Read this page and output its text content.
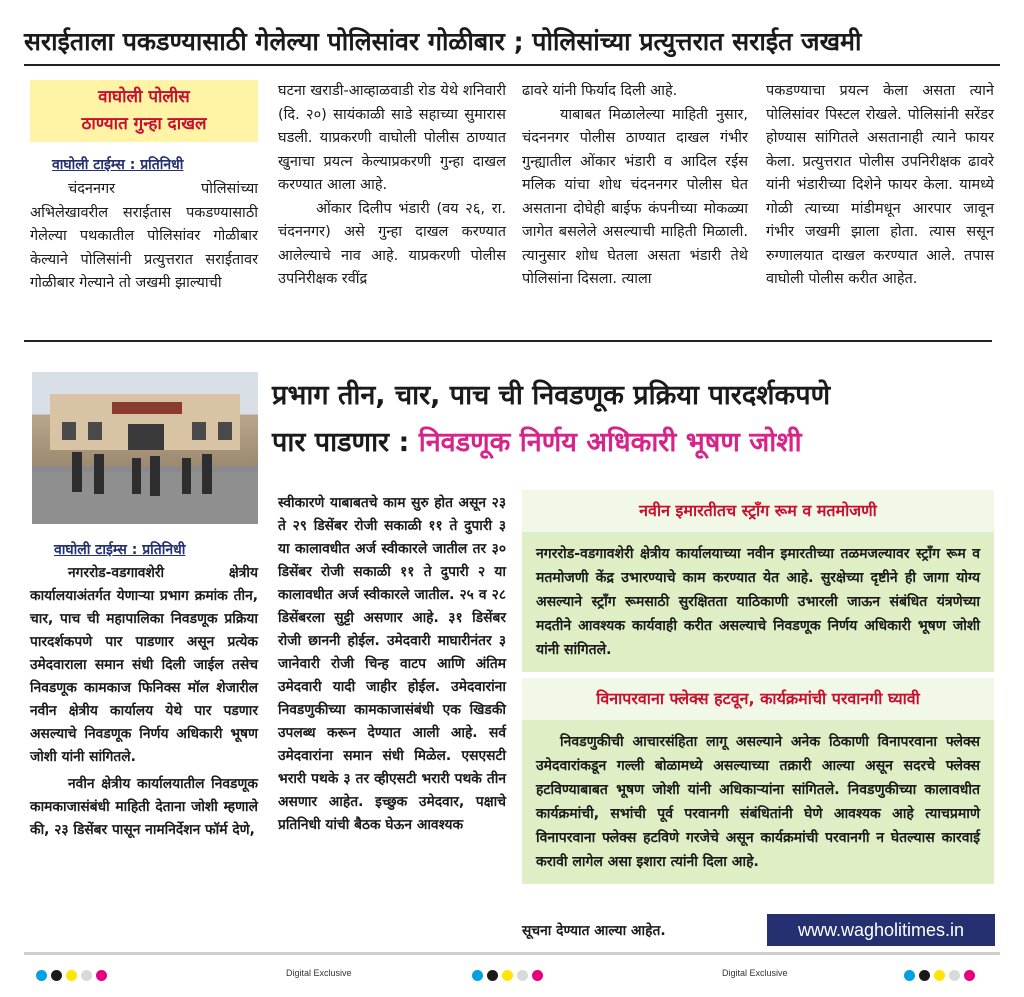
सराईताला पकडण्यासाठी गेलेल्या पोलिसांवर गोळीबार ; पोलिसांच्या प्रत्युत्तरात सराईत जखमी
वाघोली पोलीस
ठाण्यात गुन्हा दाखल
वाघोली टाईम्स : प्रतिनिधी

चंदननगर पोलिसांच्या अभिलेखावरील सराईतास पकडण्यासाठी गेलेल्या पथकातील पोलिसांवर गोळीबार केल्याने पोलिसांनी प्रत्युत्तरात सराईतावर गोळीबार गेल्याने तो जखमी झाल्याची

घटना खराडी-आव्हाळवाडी रोड येथे शनिवारी (दि. २०) सायंकाळी साडे सहाच्या सुमारास घडली. याप्रकरणी वाघोली पोलीस ठाण्यात खुनाचा प्रयत्न केल्याप्रकरणी गुन्हा दाखल करण्यात आला आहे.

ओंकार दिलीप भंडारी (वय २६, रा. चंदननगर) असे गुन्हा दाखल करण्यात आलेल्याचे नाव आहे. याप्रकरणी पोलीस उपनिरीक्षक रवींद्र

ढावरे यांनी फिर्याद दिली आहे.

याबाबत मिळालेल्या माहिती नुसार, चंदननगर पोलीस ठाण्यात दाखल गंभीर गुन्ह्यातील ओंकार भंडारी व आदिल रईस मलिक यांचा शोध चंदननगर पोलीस घेत असताना दोघेही बाईफ कंपनीच्या मोकळ्या जागेत बसलेले असल्याची माहिती मिळाली. त्यानुसार शोध घेतला असता भंडारी तेथे पोलिसांना दिसला. त्याला

पकडण्याचा प्रयत्न केला असता त्याने पोलिसांवर पिस्टल रोखले. पोलिसांनी सरेंडर होण्यास सांगितले असतानाही त्याने फायर केला. प्रत्युत्तरात पोलीस उपनिरीक्षक ढावरे यांनी भंडारीच्या दिशेने फायर केला. यामध्ये गोळी त्याच्या मांडीमधून आरपार जावून गंभीर जखमी झाला होता. त्यास ससून रुग्णालयात दाखल करण्यात आले. तपास वाघोली पोलीस करीत आहेत.

प्रभाग तीन, चार, पाच ची निवडणूक प्रक्रिया पारदर्शकपणे
पार पाडणार : निवडणूक निर्णय अधिकारी भूषण जोशी
वाघोली टाईम्स : प्रतिनिधी

नगररोड-वडगावशेरी क्षेत्रीय कार्यालयाअंतर्गत येणाऱ्या प्रभाग क्रमांक तीन, चार, पाच ची महापालिका निवडणूक प्रक्रिया पारदर्शकपणे पार पाडणार असून प्रत्येक उमेदवाराला समान संधी दिली जाईल तसेच निवडणूक कामकाज फिनिक्स मॉल शेजारील नवीन क्षेत्रीय कार्यालय येथे पार पडणार असल्याचे निवडणूक निर्णय अधिकारी भूषण जोशी यांनी सांगितले.

नवीन क्षेत्रीय कार्यालयातील निवडणूक कामकाजासंबंधी माहिती देताना जोशी म्हणाले की, २३ डिसेंबर पासून नामनिर्देशन फॉर्म देणे,

स्वीकारणे याबाबतचे काम सुरु होत असून २३ ते २९ डिसेंबर रोजी सकाळी ११ ते दुपारी ३ या कालावधीत अर्ज स्वीकारले जातील तर ३० डिसेंबर रोजी सकाळी ११ ते दुपारी २ या कालावधीत अर्ज स्वीकारले जातील. २५ व २८ डिसेंबरला सुट्टी असणार आहे. ३१ डिसेंबर रोजी छाननी होईल. उमेदवारी माघारीनंतर ३ जानेवारी रोजी चिन्ह वाटप आणि अंतिम उमेदवारी यादी जाहीर होईल. उमेदवारांना निवडणुकीच्या कामकाजासंबंधी एक खिडकी उपलब्ध करून देण्यात आली आहे. सर्व उमेदवारांना समान संधी मिळेल. एसएसटी भरारी पथके ३ तर व्हीएसटी भरारी पथके तीन असणार आहेत. इच्छुक उमेदवार, पक्षाचे प्रतिनिधी यांची बैठक घेऊन आवश्यक

नवीन इमारतीतच स्ट्रॉंग रूम व मतमोजणी
नगररोड-वडगावशेरी क्षेत्रीय कार्यालयाच्या नवीन इमारतीच्या तळमजल्यावर स्ट्रॉंग रूम व मतमोजणी केंद्र उभारण्याचे काम करण्यात येत आहे. सुरक्षेच्या दृष्टीने ही जागा योग्य असल्याने स्ट्रॉंग रूमसाठी सुरक्षितता याठिकाणी उभारली जाऊन संबंधित यंत्रणेच्या मदतीने आवश्यक कार्यवाही करीत असल्याचे निवडणूक निर्णय अधिकारी भूषण जोशी यांनी सांगितले.
विनापरवाना फ्लेक्स हटवून, कार्यक्रमांची परवानगी घ्यावी
निवडणुकीची आचारसंहिता लागू असल्याने अनेक ठिकाणी विनापरवाना फ्लेक्स उमेदवारांकडून गल्ली बोळामध्ये असल्याच्या तक्रारी आल्या असून सदरचे फ्लेक्स हटविण्याबाबत भूषण जोशी यांनी अधिकाऱ्यांना सांगितले. निवडणुकीच्या कालावधीत कार्यक्रमांची, सभांची पूर्व परवानगी संबंधितांनी घेणे आवश्यक आहे त्याचप्रमाणे विनापरवाना फ्लेक्स हटविणे गरजेचे असून कार्यक्रमांची परवानगी न घेतल्यास कारवाई करावी लागेल असा इशारा त्यांनी दिला आहे.
सूचना देण्यात आल्या आहेत.	www.wagholitimes.in
Digital Exclusive	Digital Exclusive
